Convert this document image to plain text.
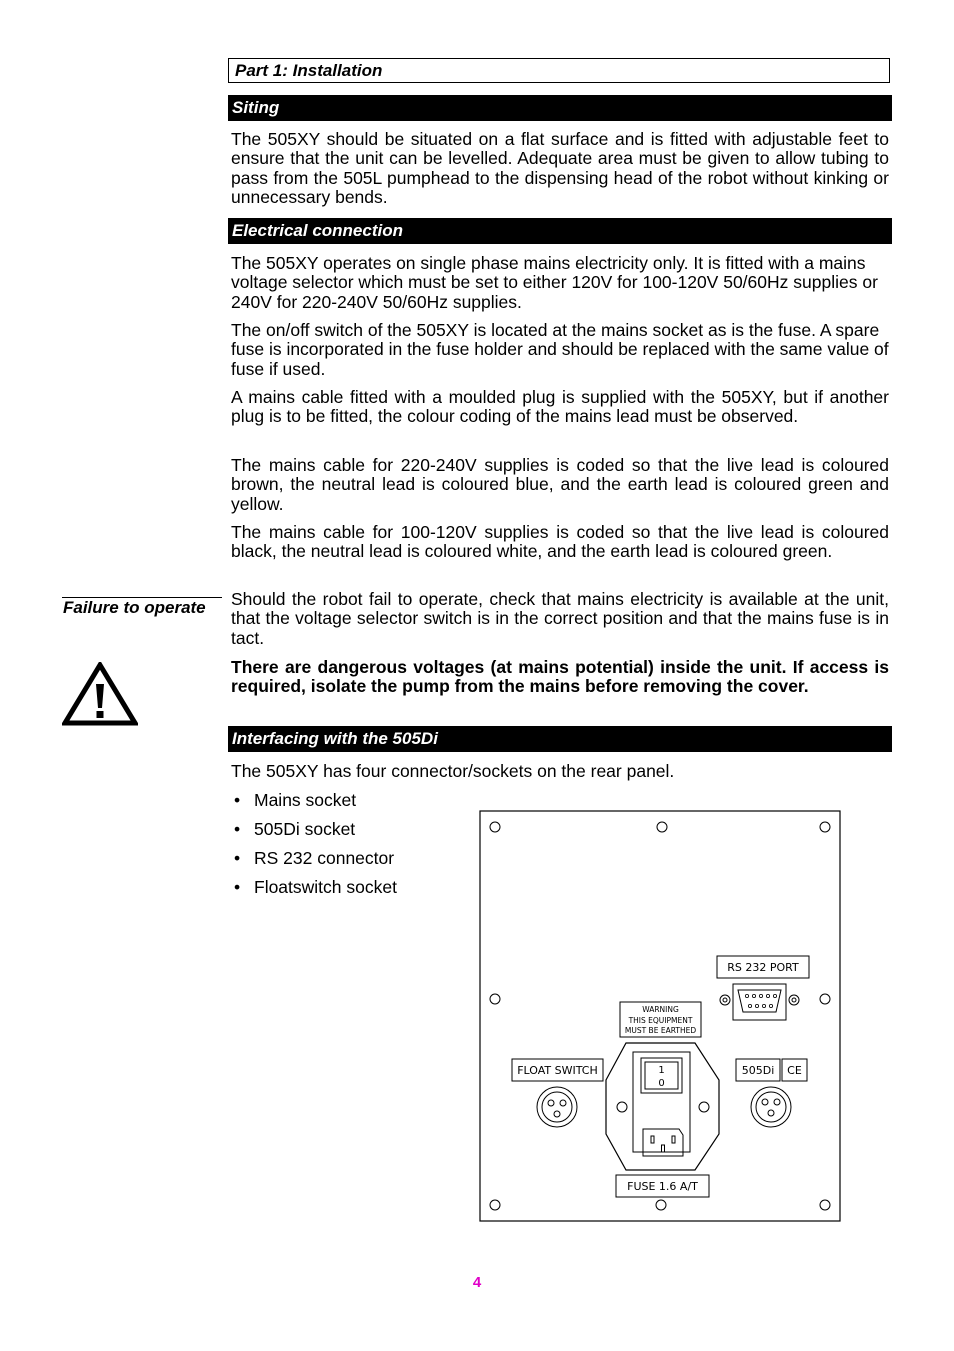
Part 1: Installation
Siting

The 505XY should be situated on a flat surface and is fitted with adjustable feet to ensure that the unit can be levelled. Adequate area must be given to allow tubing to pass from the 505L pumphead to the dispensing head of the robot without kinking or unnecessary bends.

Electrical connection

The 505XY operates on single phase mains electricity only. It is fitted with a mains voltage selector which must be set to either 120V for 100-120V 50/60Hz supplies or 240V for 220-240V 50/60Hz supplies.

The on/off switch of the 505XY is located at the mains socket as is the fuse. A spare fuse is incorporated in the fuse holder and should be replaced with the same value of fuse if used.

A mains cable fitted with a moulded plug is supplied with the 505XY, but if another plug is to be fitted, the colour coding of the mains lead must be observed.

The mains cable for 220-240V supplies is coded so that the live lead is coloured brown, the neutral lead is coloured blue, and the earth lead is coloured green and yellow.

The mains cable for 100-120V supplies is coded so that the live lead is coloured black, the neutral lead is coloured white, and the earth lead is coloured green.

Failure to operate	Should the robot fail to operate, check that mains electricity is available at the unit, that the voltage selector switch is in the correct position and that the mains fuse is in tact.

There are dangerous voltages (at mains potential) inside the unit. If access is required, isolate the pump from the mains before removing the cover.

Interfacing with the 505Di

The 505XY has four connector/sockets on the rear panel.

• Mains socket
• 505Di socket
• RS 232 connector
• Floatswitch socket
RS 232 PORT
WARNING
THIS EQUIPMENT
MUST BE EARTHED
FLOAT SWITCH	505Di CE
1
0
FUSE 1.6 A/T
4
